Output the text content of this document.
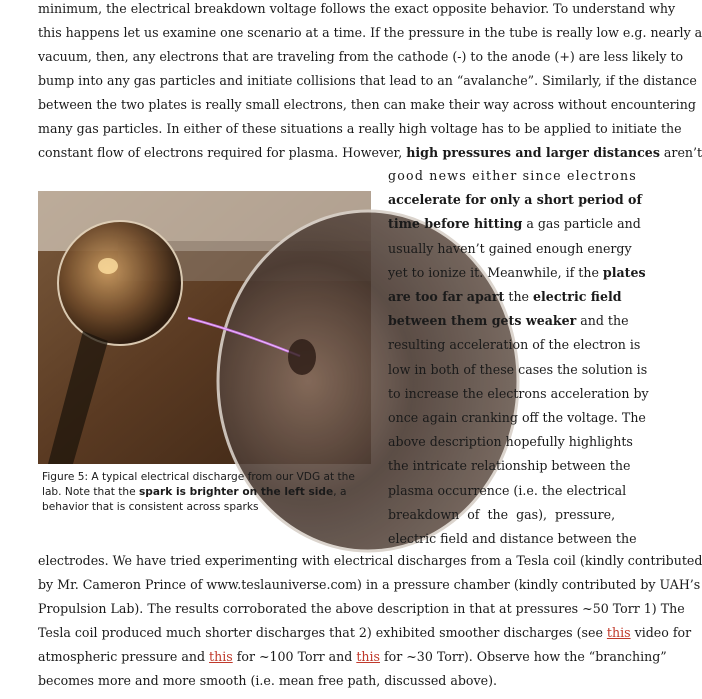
minimum, the electrical breakdown voltage follows the exact opposite behavior. To understand why
this happens let us examine one scenario at a time. If the pressure in the tube is really low e.g. nearly a
vacuum, then, any electrons that are traveling from the cathode (-) to the anode (+) are less likely to
bump into any gas particles and initiate collisions that lead to an “avalanche”. Similarly, if the distance
between the two plates is really small electrons, then can make their way across without encountering
many gas particles. In either of these situations a really high voltage has to be applied to initiate the
constant flow of electrons required for plasma. However, high pressures and larger distances aren’t
Figure 5: A typical electrical discharge from our VDG at the lab. Note that the spark is brighter on the left side, a behavior that is consistent across sparks
good news either since electrons
accelerate for only a short period of
time before hitting a gas particle and
usually haven’t gained enough energy
yet to ionize it. Meanwhile, if the plates
are too far apart the electric field
between them gets weaker and the
resulting acceleration of the electron is
low in both of these cases the solution is
to increase the electrons acceleration by
once again cranking off the voltage. The
above description hopefully highlights
the intricate relationship between the
plasma occurrence (i.e. the electrical
breakdown of the gas), pressure,
electric field and distance between the
electrodes. We have tried experimenting with electrical discharges from a Tesla coil (kindly contributed
by Mr. Cameron Prince of www.teslauniverse.com) in a pressure chamber (kindly contributed by UAH’s
Propulsion Lab). The results corroborated the above description in that at pressures ~50 Torr 1) The
Tesla coil produced much shorter discharges that 2) exhibited smoother discharges (see this video for
atmospheric pressure and this for ~100 Torr and this for ~30 Torr). Observe how the “branching”
becomes more and more smooth (i.e. mean free path, discussed above).
